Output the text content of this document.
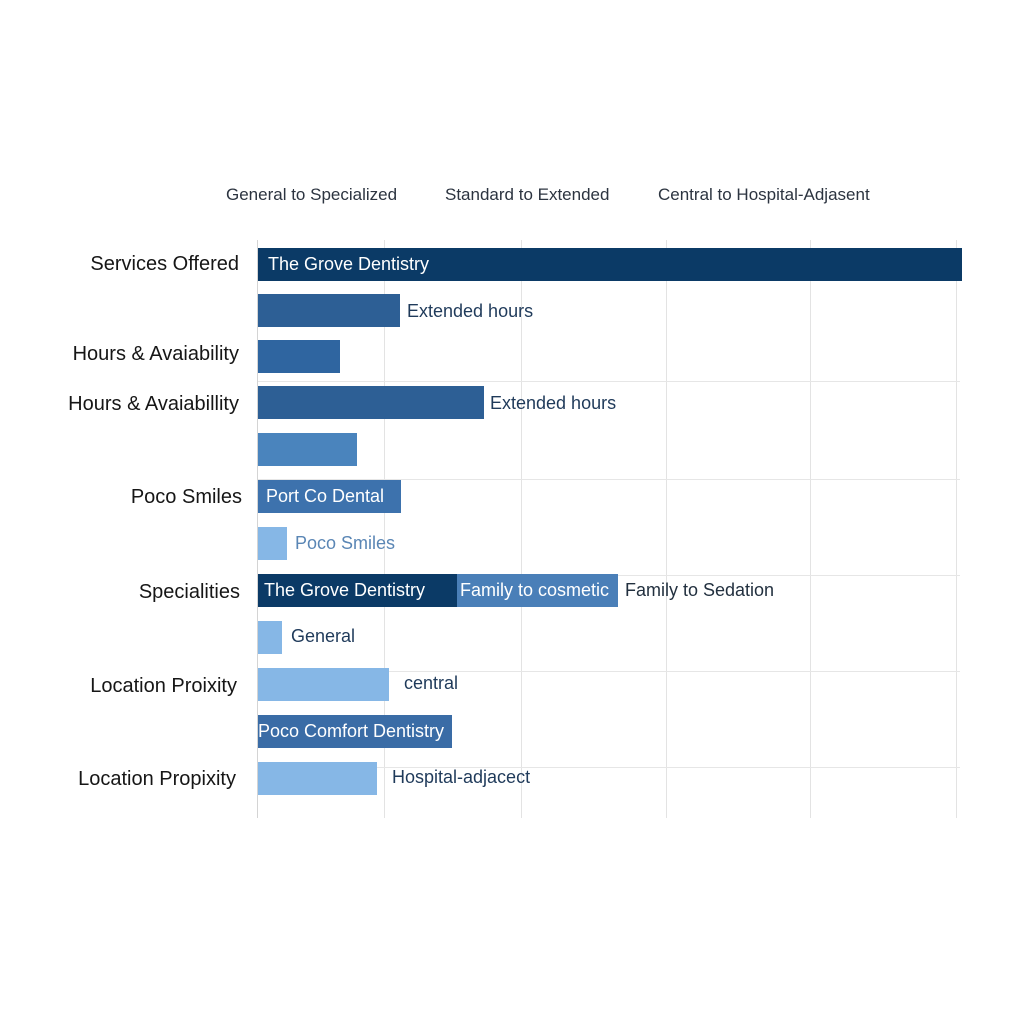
General to Specialized	Standard to Extended	Central to Hospital-Adjasent
Services Offered
Hours & Avaiability
Hours & Avaiabillity
Poco Smiles
Specialities
Location Proixity
Location Propixity
The Grove Dentistry
Extended hours
Extended hours
Port Co Dental
Poco Smiles
The Grove Dentistry Family to cosmetic Family to Sedation
General
central
Poco Comfort Dentistry
Hospital-adjacect
